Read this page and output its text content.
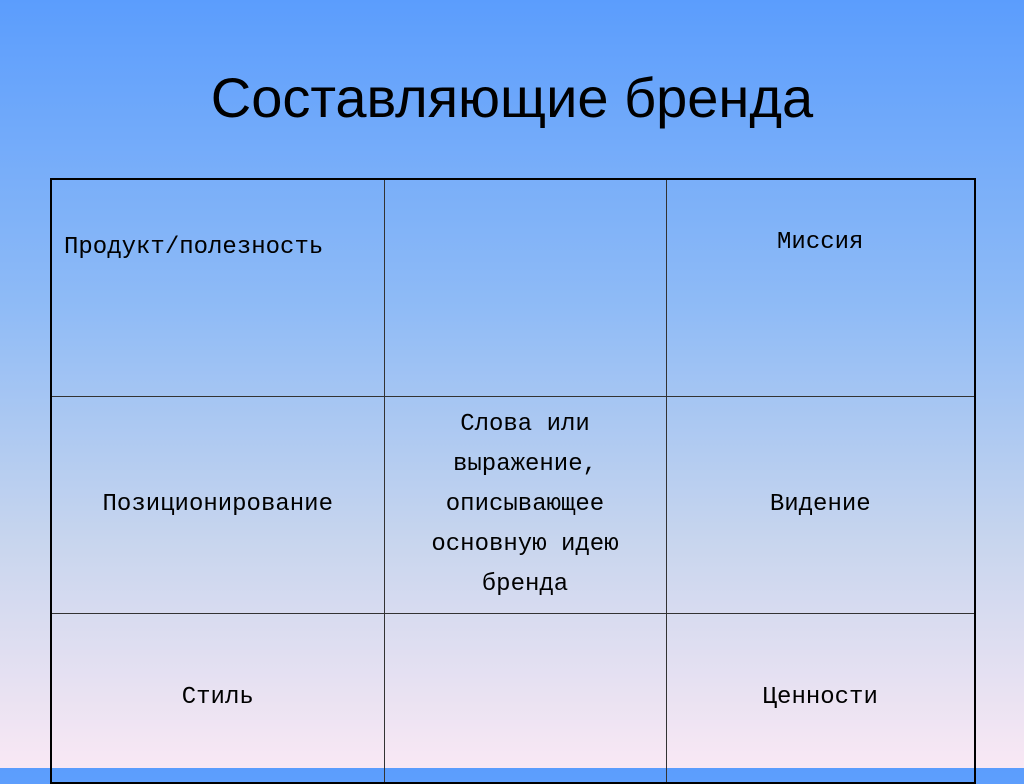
Составляющие бренда
Продукт/полезность		Миссия
Позиционирование	Слова или выражение, описывающее основную идею бренда	Видение
Стиль		Ценности
